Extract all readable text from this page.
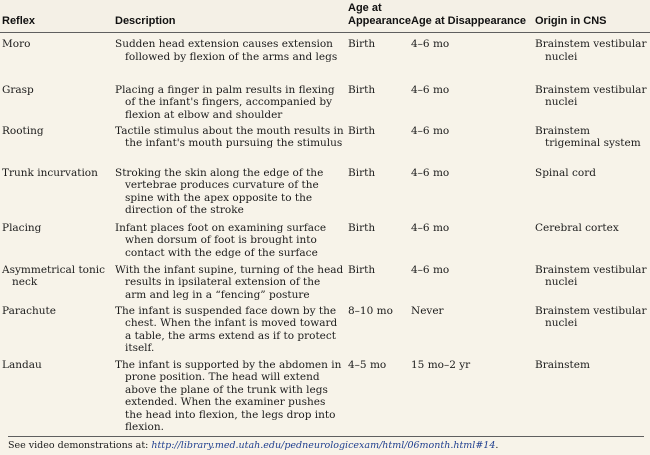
Reflex	Description	Age at Appearance	Age at Disappearance	Origin in CNS

Moro	Sudden head extension causes extension followed by flexion of the arms and legs	Birth	4–6 mo	Brainstem vestibular nuclei

Grasp	Placing a finger in palm results in flexing of the infant's fingers, accompanied by flexion at elbow and shoulder	Birth	4–6 mo	Brainstem vestibular nuclei

Rooting	Tactile stimulus about the mouth results in the infant's mouth pursuing the stimulus	Birth	4–6 mo	Brainstem trigeminal system

Trunk incurvation	Stroking the skin along the edge of the vertebrae produces curvature of the spine with the apex opposite to the direction of the stroke	Birth	4–6 mo	Spinal cord

Placing	Infant places foot on examining surface when dorsum of foot is brought into contact with the edge of the surface	Birth	4–6 mo	Cerebral cortex

Asymmetrical tonic neck	With the infant supine, turning of the head results in ipsilateral extension of the arm and leg in a “fencing” posture	Birth	4–6 mo	Brainstem vestibular nuclei

Parachute	The infant is suspended face down by the chest. When the infant is moved toward a table, the arms extend as if to protect itself.	8–10 mo	Never	Brainstem vestibular nuclei

Landau	The infant is supported by the abdomen in prone position. The head will extend above the plane of the trunk with legs extended. When the examiner pushes the head into flexion, the legs drop into flexion.	4–5 mo	15 mo–2 yr	Brainstem
See video demonstrations at: http://library.med.utah.edu/pedneurologicexam/html/06month.html#14.
